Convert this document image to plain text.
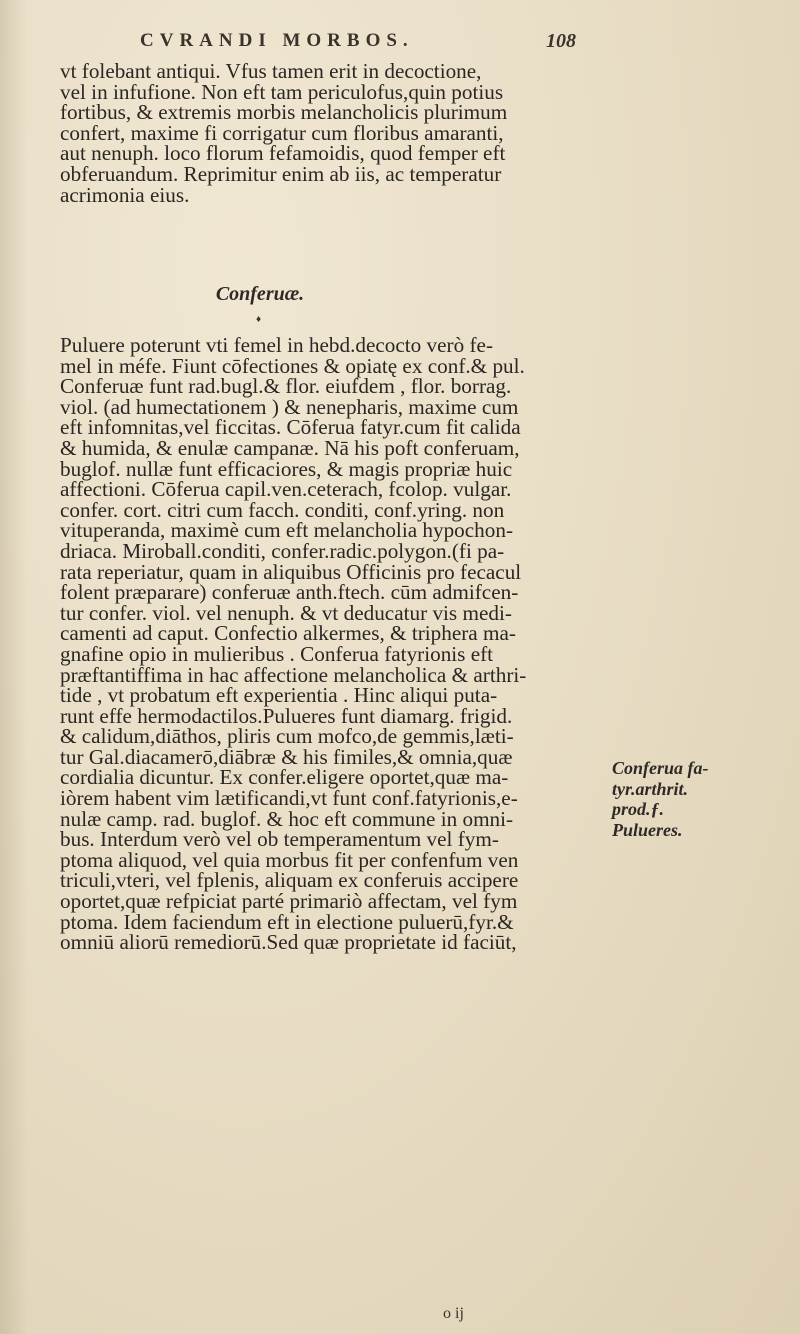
CVRANDI MORBOS.	10⁠8
vt folebant antiqui. Vfus tamen erit in decoctione,
vel in infufione. Non eft tam periculofus,quin potius
fortibus, & extremis morbis melancholicis plurimum
confert, maxime fi corrigatur cum floribus amaranti,
aut nenuph. loco florum fefamoidis, quod femper eft
obferuandum. Reprimitur enim ab iis, ac temperatur
acrimonia eius.
Conferuæ.
♦
Puluere poterunt vti femel in hebd.decocto verò fe-
mel in méfe. Fiunt cōfectiones & opiatę ex conf.& pul.
Conferuæ funt rad.bugl.& flor. eiufdem , flor. borrag.
viol. (ad humectationem ) & nenepharis, maxime cum
eft infomnitas,vel ficcitas. Cōferua fatyr.cum fit calida
& humida, & enulæ campanæ. Nā his poft conferuam,
buglof. nullæ funt efficaciores, & magis propriæ huic
affectioni. Cōferua capil.ven.ceterach, fcolop. vulgar.
confer. cort. citri cum facch. conditi, conf.yring. non
vituperanda, maximè cum eft melancholia hypochon-
driaca. Miroball.conditi, confer.radic.polygon.(fi pa-
rata reperiatur, quam in aliquibus Officinis pro fecacul
folent præparare) conferuæ anth.ftech. cūm admifcen-
tur confer. viol. vel nenuph. & vt deducatur vis medi-
camenti ad caput. Confectio alkermes, & triphera ma-
gnafine opio in mulieribus . Conferua fatyrionis eft
præftantiffima in hac affectione melancholica & arthri-
tide , vt probatum eft experientia . Hinc aliqui puta-
runt effe hermodactilos.Pulueres funt diamarg. frigid.
& calidum,diāthos, pliris cum mofco,de gemmis,læti-
tur Gal.diacamerō,diābræ & his fimiles,& omnia,quæ
cordialia dicuntur. Ex confer.eligere oportet,quæ ma-
iòrem habent vim lætificandi,vt funt conf.fatyrionis,e-
nulæ camp. rad. buglof. & hoc eft commune in omni-
bus. Interdum verò vel ob temperamentum vel fym-
ptoma aliquod, vel quia morbus fit per confenfum ven
triculi,vteri, vel fplenis, aliquam ex conferuis accipere
oportet,quæ refpiciat parté primariò affectam, vel fym
ptoma. Idem faciendum eft in electione puluerū,fyr.&
omniū aliorū remediorū.Sed quæ proprietate id faciūt,
Conferua fa-
tyr.arthrit.
prod.ƒ.
Pulueres.
o ij
